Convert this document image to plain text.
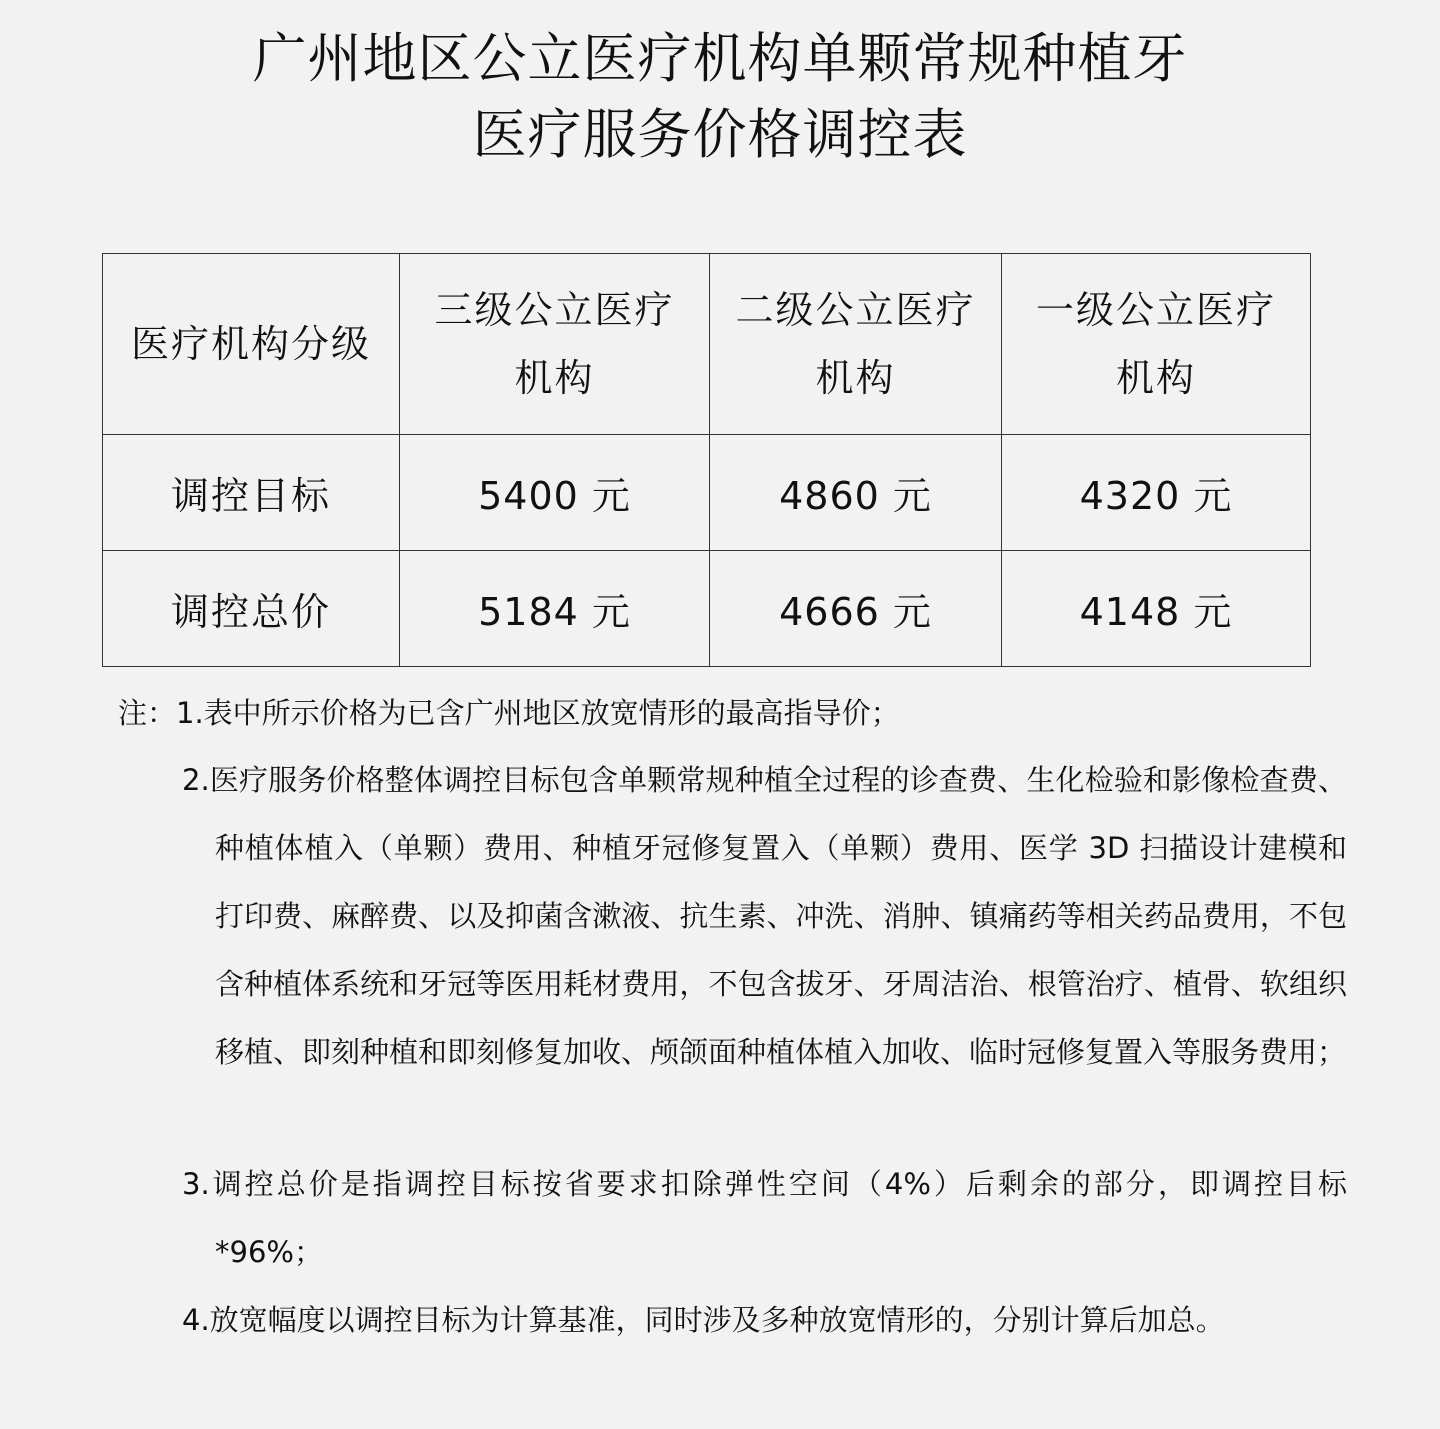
广州地区公立医疗机构单颗常规种植牙
医疗服务价格调控表
医疗机构分级	三级公立医疗机构	二级公立医疗机构	一级公立医疗机构
调控目标	5400 元	4860 元	4320 元
调控总价	5184 元	4666 元	4148 元
注：1.表中所示价格为已含广州地区放宽情形的最高指导价；
2.医疗服务价格整体调控目标包含单颗常规种植全过程的诊查费、生化检验和影像检查费、种植体植入（单颗）费用、种植牙冠修复置入（单颗）费用、医学 3D 扫描设计建模和打印费、麻醉费、以及抑菌含漱液、抗生素、冲洗、消肿、镇痛药等相关药品费用，不包含种植体系统和牙冠等医用耗材费用，不包含拔牙、牙周洁治、根管治疗、植骨、软组织移植、即刻种植和即刻修复加收、颅颌面种植体植入加收、临时冠修复置入等服务费用；
3.调控总价是指调控目标按省要求扣除弹性空间（4%）后剩余的部分，即调控目标*96%；
4.放宽幅度以调控目标为计算基准，同时涉及多种放宽情形的，分别计算后加总。
